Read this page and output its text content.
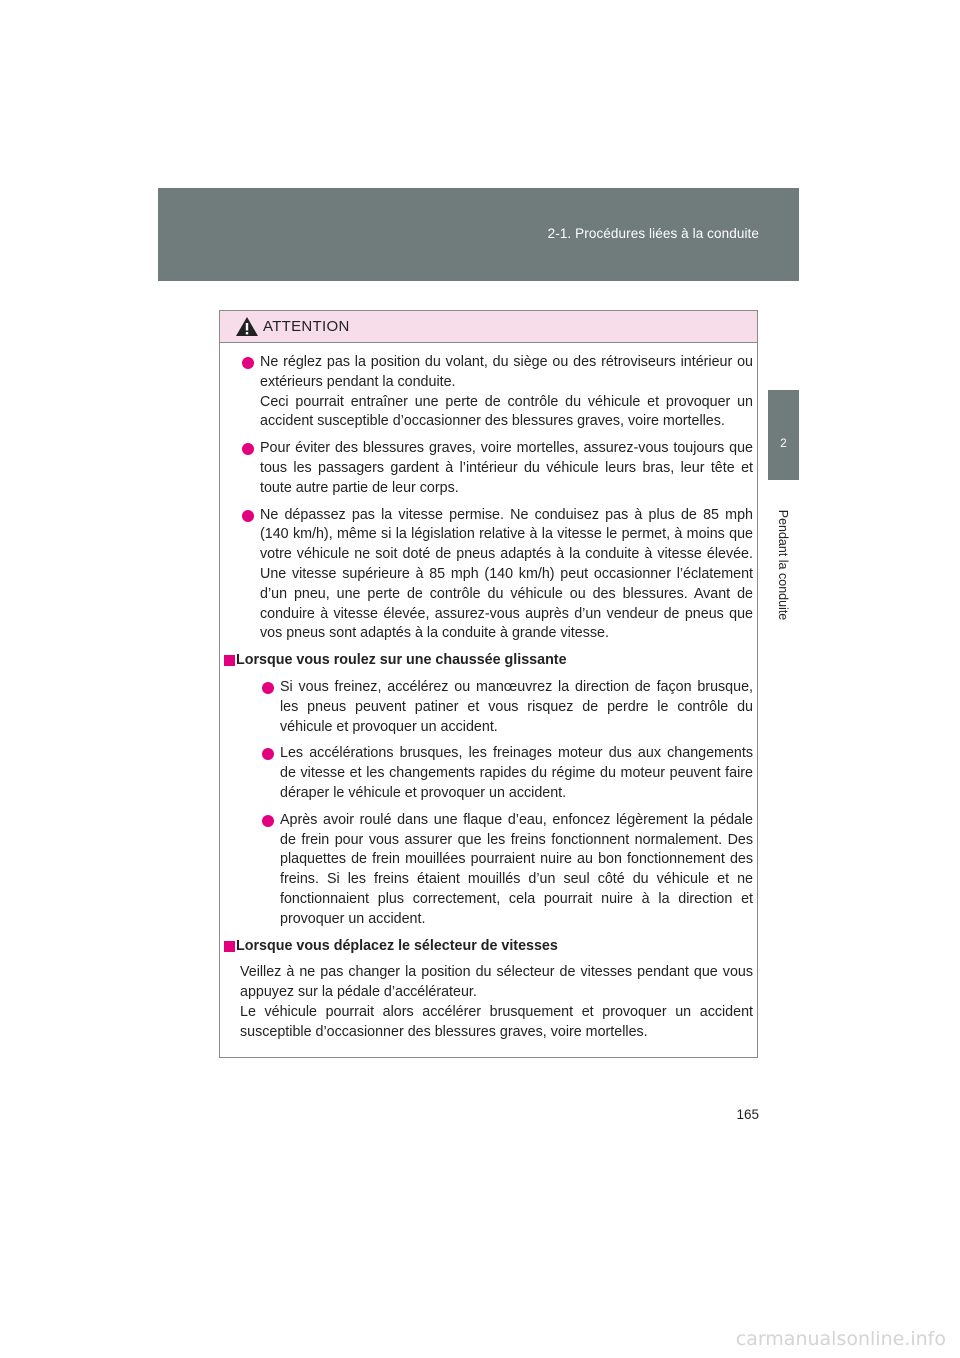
2-1. Procédures liées à la conduite
2
Pendant la conduite
ATTENTION

Ne réglez pas la position du volant, du siège ou des rétroviseurs intérieur ou extérieurs pendant la conduite.

Ceci pourrait entraîner une perte de contrôle du véhicule et provoquer un accident susceptible d’occasionner des blessures graves, voire mortelles.

Pour éviter des blessures graves, voire mortelles, assurez-vous toujours que tous les passagers gardent à l’intérieur du véhicule leurs bras, leur tête et toute autre partie de leur corps.

Ne dépassez pas la vitesse permise. Ne conduisez pas à plus de 85 mph (140 km/h), même si la législation relative à la vitesse le permet, à moins que votre véhicule ne soit doté de pneus adaptés à la conduite à vitesse élevée. Une vitesse supérieure à 85 mph (140 km/h) peut occasionner l’éclatement d’un pneu, une perte de contrôle du véhicule ou des blessures. Avant de conduire à vitesse élevée, assurez-vous auprès d’un vendeur de pneus que vos pneus sont adaptés à la conduite à grande vitesse.

Lorsque vous roulez sur une chaussée glissante

Si vous freinez, accélérez ou manœuvrez la direction de façon brusque, les pneus peuvent patiner et vous risquez de perdre le contrôle du véhicule et provoquer un accident.

Les accélérations brusques, les freinages moteur dus aux changements de vitesse et les changements rapides du régime du moteur peuvent faire déraper le véhicule et provoquer un accident.

Après avoir roulé dans une flaque d’eau, enfoncez légèrement la pédale de frein pour vous assurer que les freins fonctionnent normalement. Des plaquettes de frein mouillées pourraient nuire au bon fonctionnement des freins. Si les freins étaient mouillés d’un seul côté du véhicule et ne fonctionnaient plus correctement, cela pourrait nuire à la direction et provoquer un accident.

Lorsque vous déplacez le sélecteur de vitesses

Veillez à ne pas changer la position du sélecteur de vitesses pendant que vous appuyez sur la pédale d’accélérateur.

Le véhicule pourrait alors accélérer brusquement et provoquer un accident susceptible d’occasionner des blessures graves, voire mortelles.

165
carmanualsonline.info
